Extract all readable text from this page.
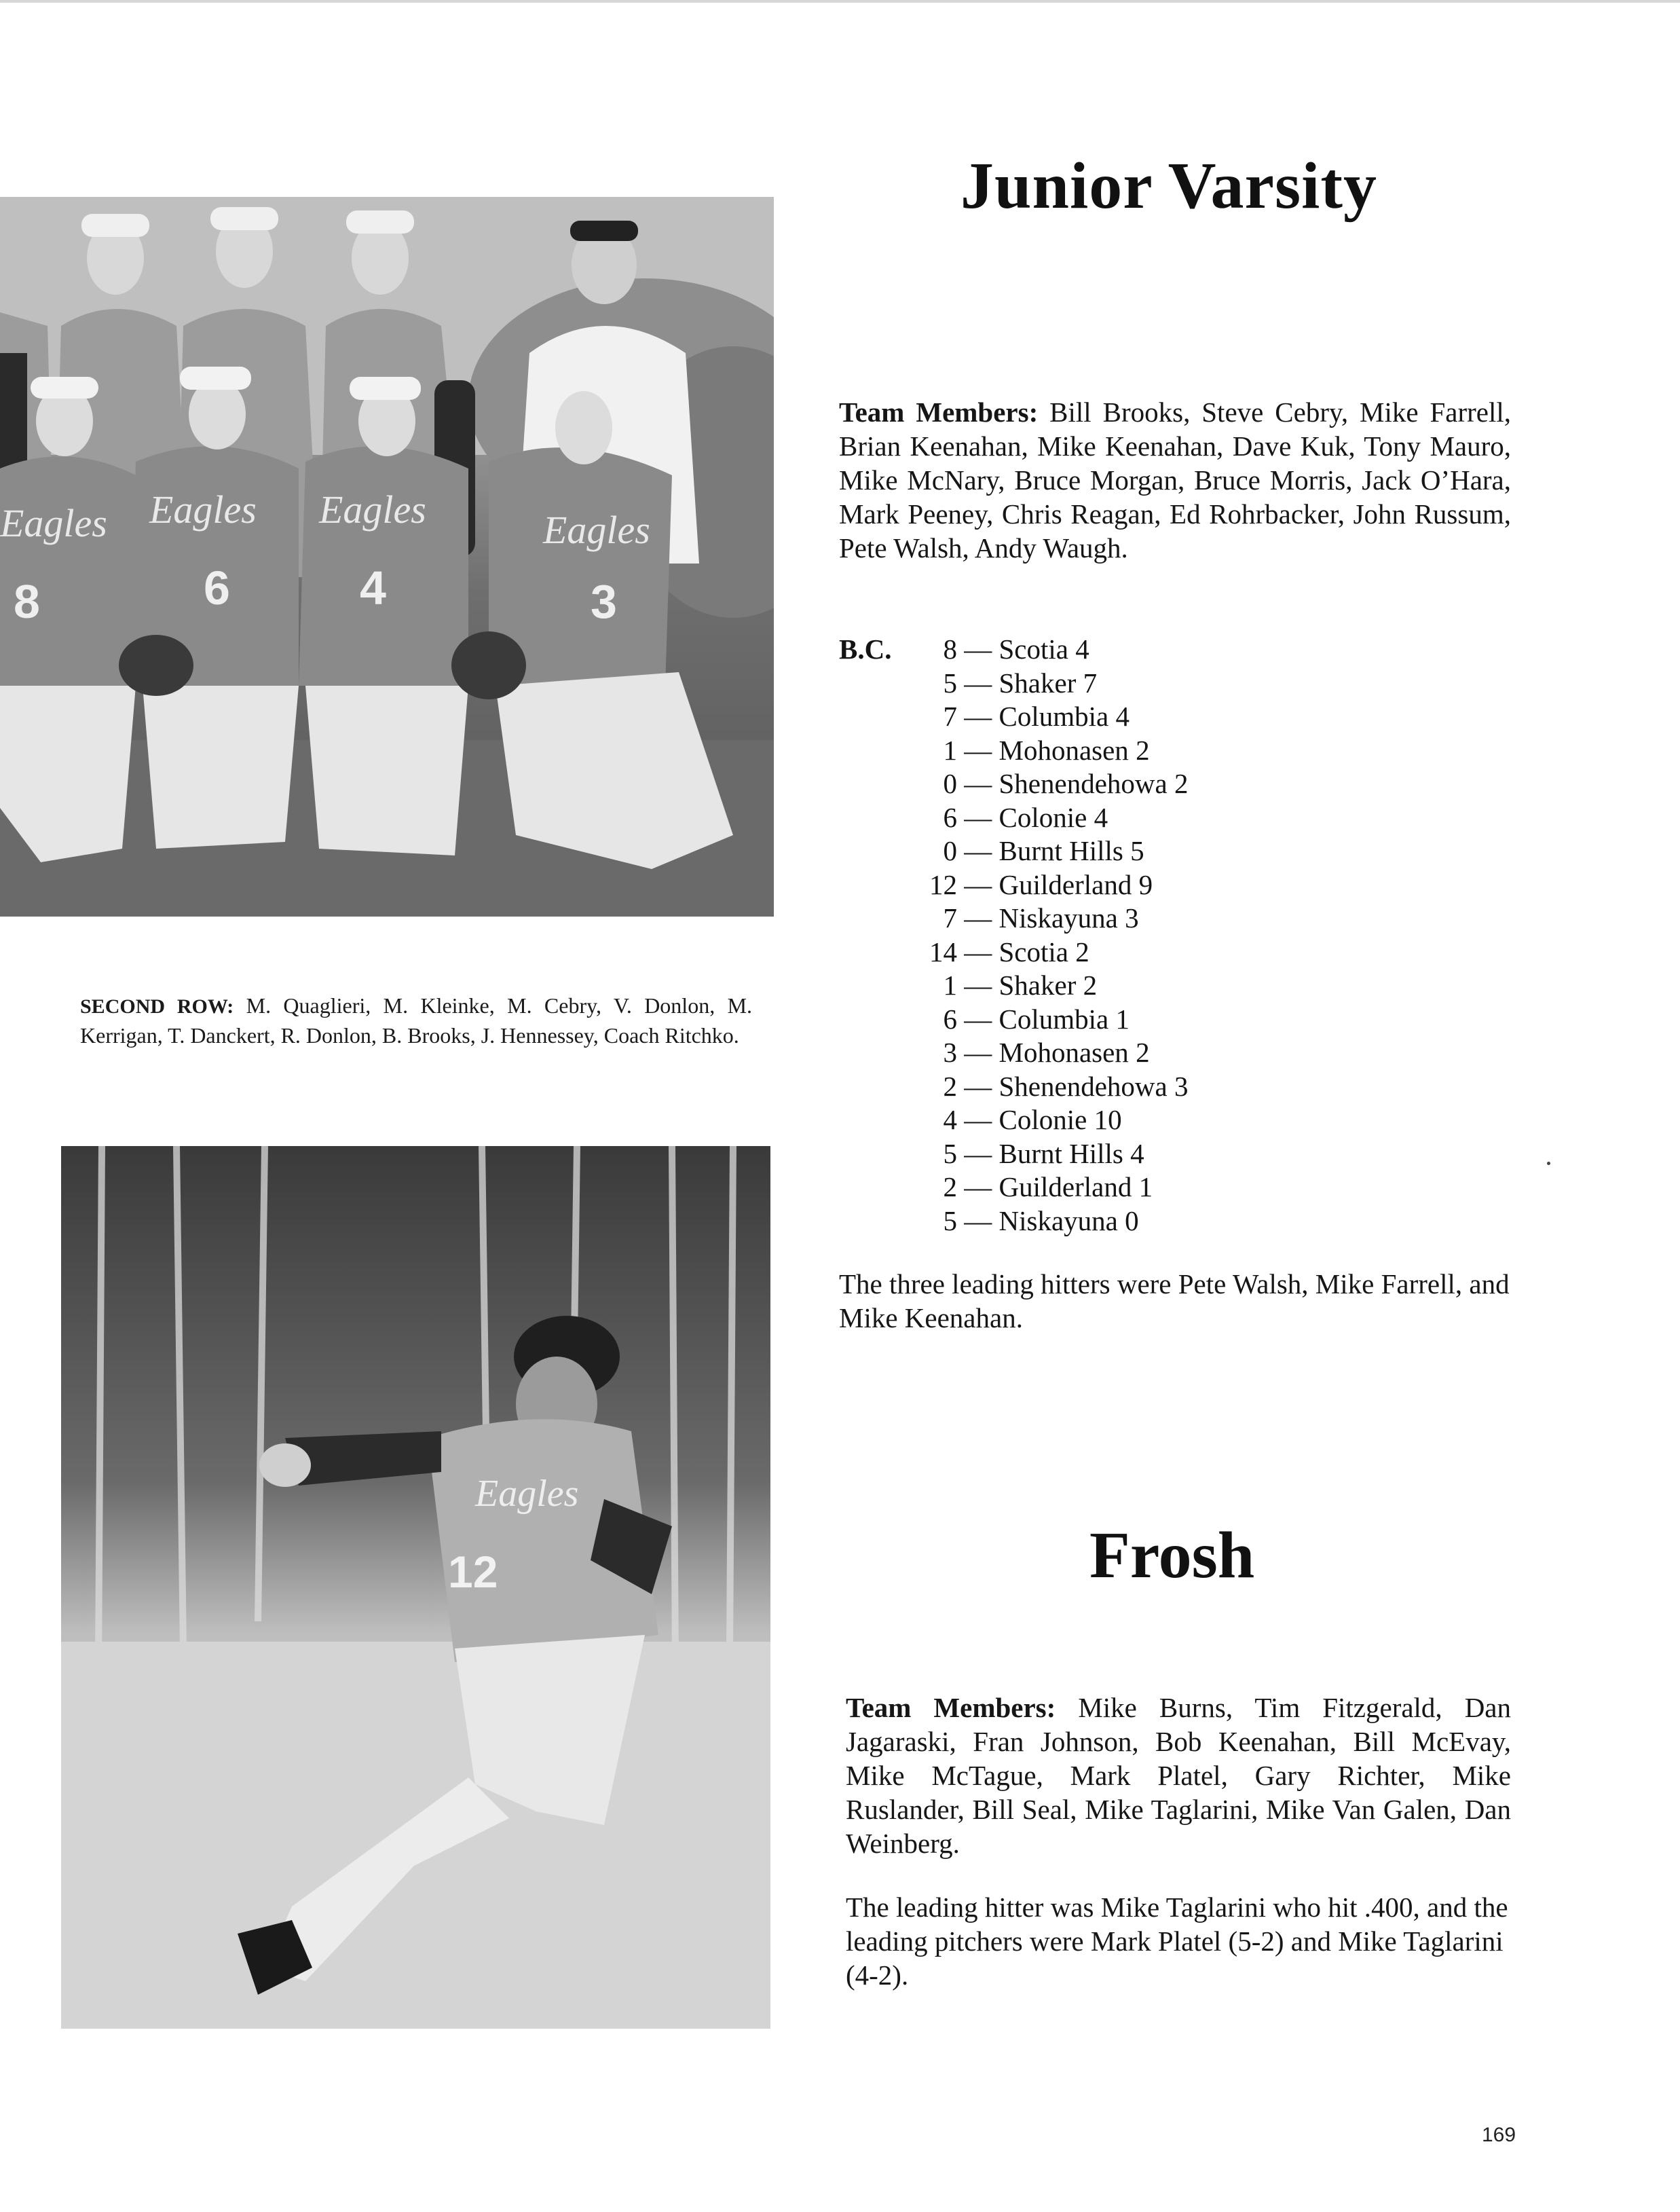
Eagles Eagles Eagles	Eagles
8	6	4	3

SECOND ROW: M. Quaglieri, M. Kleinke, M. Cebry, V. Donlon, M. Kerrigan, T. Danckert, R. Donlon, B. Brooks, J. Hennessey, Coach Ritchko.

Eagles
12
Junior Varsity

Team Members: Bill Brooks, Steve Cebry, Mike Farrell, Brian Keenahan, Mike Keenahan, Dave Kuk, Tony Mauro, Mike McNary, Bruce Morgan, Bruce Morris, Jack O’Hara, Mark Peeney, Chris Reagan, Ed Rohrbacker, John Russum, Pete Walsh, Andy Waugh.

B.C.	8 — Scotia 4
5 — Shaker 7
7 — Columbia 4
1 — Mohonasen 2
0 — Shenendehowa 2
6 — Colonie 4
0 — Burnt Hills 5
12 — Guilderland 9
7 — Niskayuna 3
14 — Scotia 2
1 — Shaker 2
6 — Columbia 1
3 — Mohonasen 2
2 — Shenendehowa 3
4 — Colonie 10
5 — Burnt Hills 4
2 — Guilderland 1
5 — Niskayuna 0

The three leading hitters were Pete Walsh, Mike Farrell, and Mike Keenahan.

Frosh

Team Members: Mike Burns, Tim Fitzgerald, Dan Jagaraski, Fran Johnson, Bob Keenahan, Bill McEvay, Mike McTague, Mark Platel, Gary Richter, Mike Ruslander, Bill Seal, Mike Taglarini, Mike Van Galen, Dan Weinberg.

The leading hitter was Mike Taglarini who hit .400, and the leading pitchers were Mark Platel (5-2) and Mike Taglarini (4-2).

169
